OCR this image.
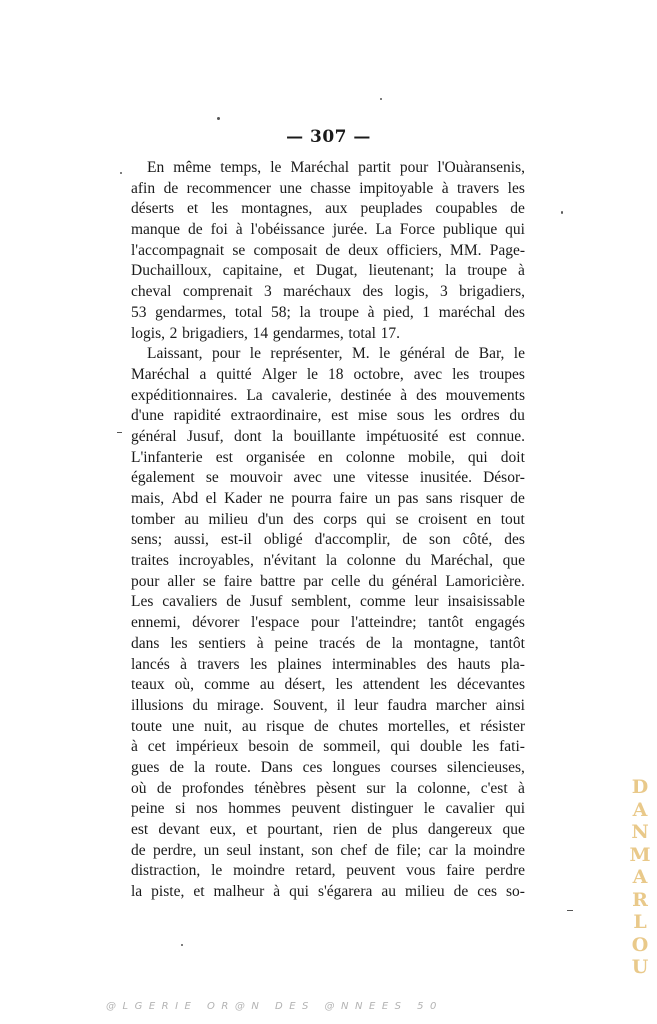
— 307 —
En même temps, le Maréchal partit pour l'Ouàransenis,
afin de recommencer une chasse impitoyable à travers les
déserts et les montagnes, aux peuplades coupables de
manque de foi à l'obéissance jurée. La Force publique qui
l'accompagnait se composait de deux officiers, MM. Page-
Duchailloux, capitaine, et Dugat, lieutenant; la troupe à
cheval comprenait 3 maréchaux des logis, 3 brigadiers,
53 gendarmes, total 58; la troupe à pied, 1 maréchal des
logis, 2 brigadiers, 14 gendarmes, total 17.
Laissant, pour le représenter, M. le général de Bar, le
Maréchal a quitté Alger le 18 octobre, avec les troupes
expéditionnaires. La cavalerie, destinée à des mouvements
d'une rapidité extraordinaire, est mise sous les ordres du
général Jusuf, dont la bouillante impétuosité est connue.
L'infanterie est organisée en colonne mobile, qui doit
également se mouvoir avec une vitesse inusitée. Désor-
mais, Abd el Kader ne pourra faire un pas sans risquer de
tomber au milieu d'un des corps qui se croisent en tout
sens; aussi, est-il obligé d'accomplir, de son côté, des
traites incroyables, n'évitant la colonne du Maréchal, que
pour aller se faire battre par celle du général Lamoricière.
Les cavaliers de Jusuf semblent, comme leur insaisissable
ennemi, dévorer l'espace pour l'atteindre; tantôt engagés
dans les sentiers à peine tracés de la montagne, tantôt
lancés à travers les plaines interminables des hauts pla-
teaux où, comme au désert, les attendent les décevantes
illusions du mirage. Souvent, il leur faudra marcher ainsi
toute une nuit, au risque de chutes mortelles, et résister
à cet impérieux besoin de sommeil, qui double les fati-
gues de la route. Dans ces longues courses silencieuses,
où de profondes ténèbres pèsent sur la colonne, c'est à
peine si nos hommes peuvent distinguer le cavalier qui
est devant eux, et pourtant, rien de plus dangereux que
de perdre, un seul instant, son chef de file; car la moindre
distraction, le moindre retard, peuvent vous faire perdre
la piste, et malheur à qui s'égarera au milieu de ces so-
D
A
N
M
A
R
L
O
U
@LGERIE OR@N DES @NNEES 50
